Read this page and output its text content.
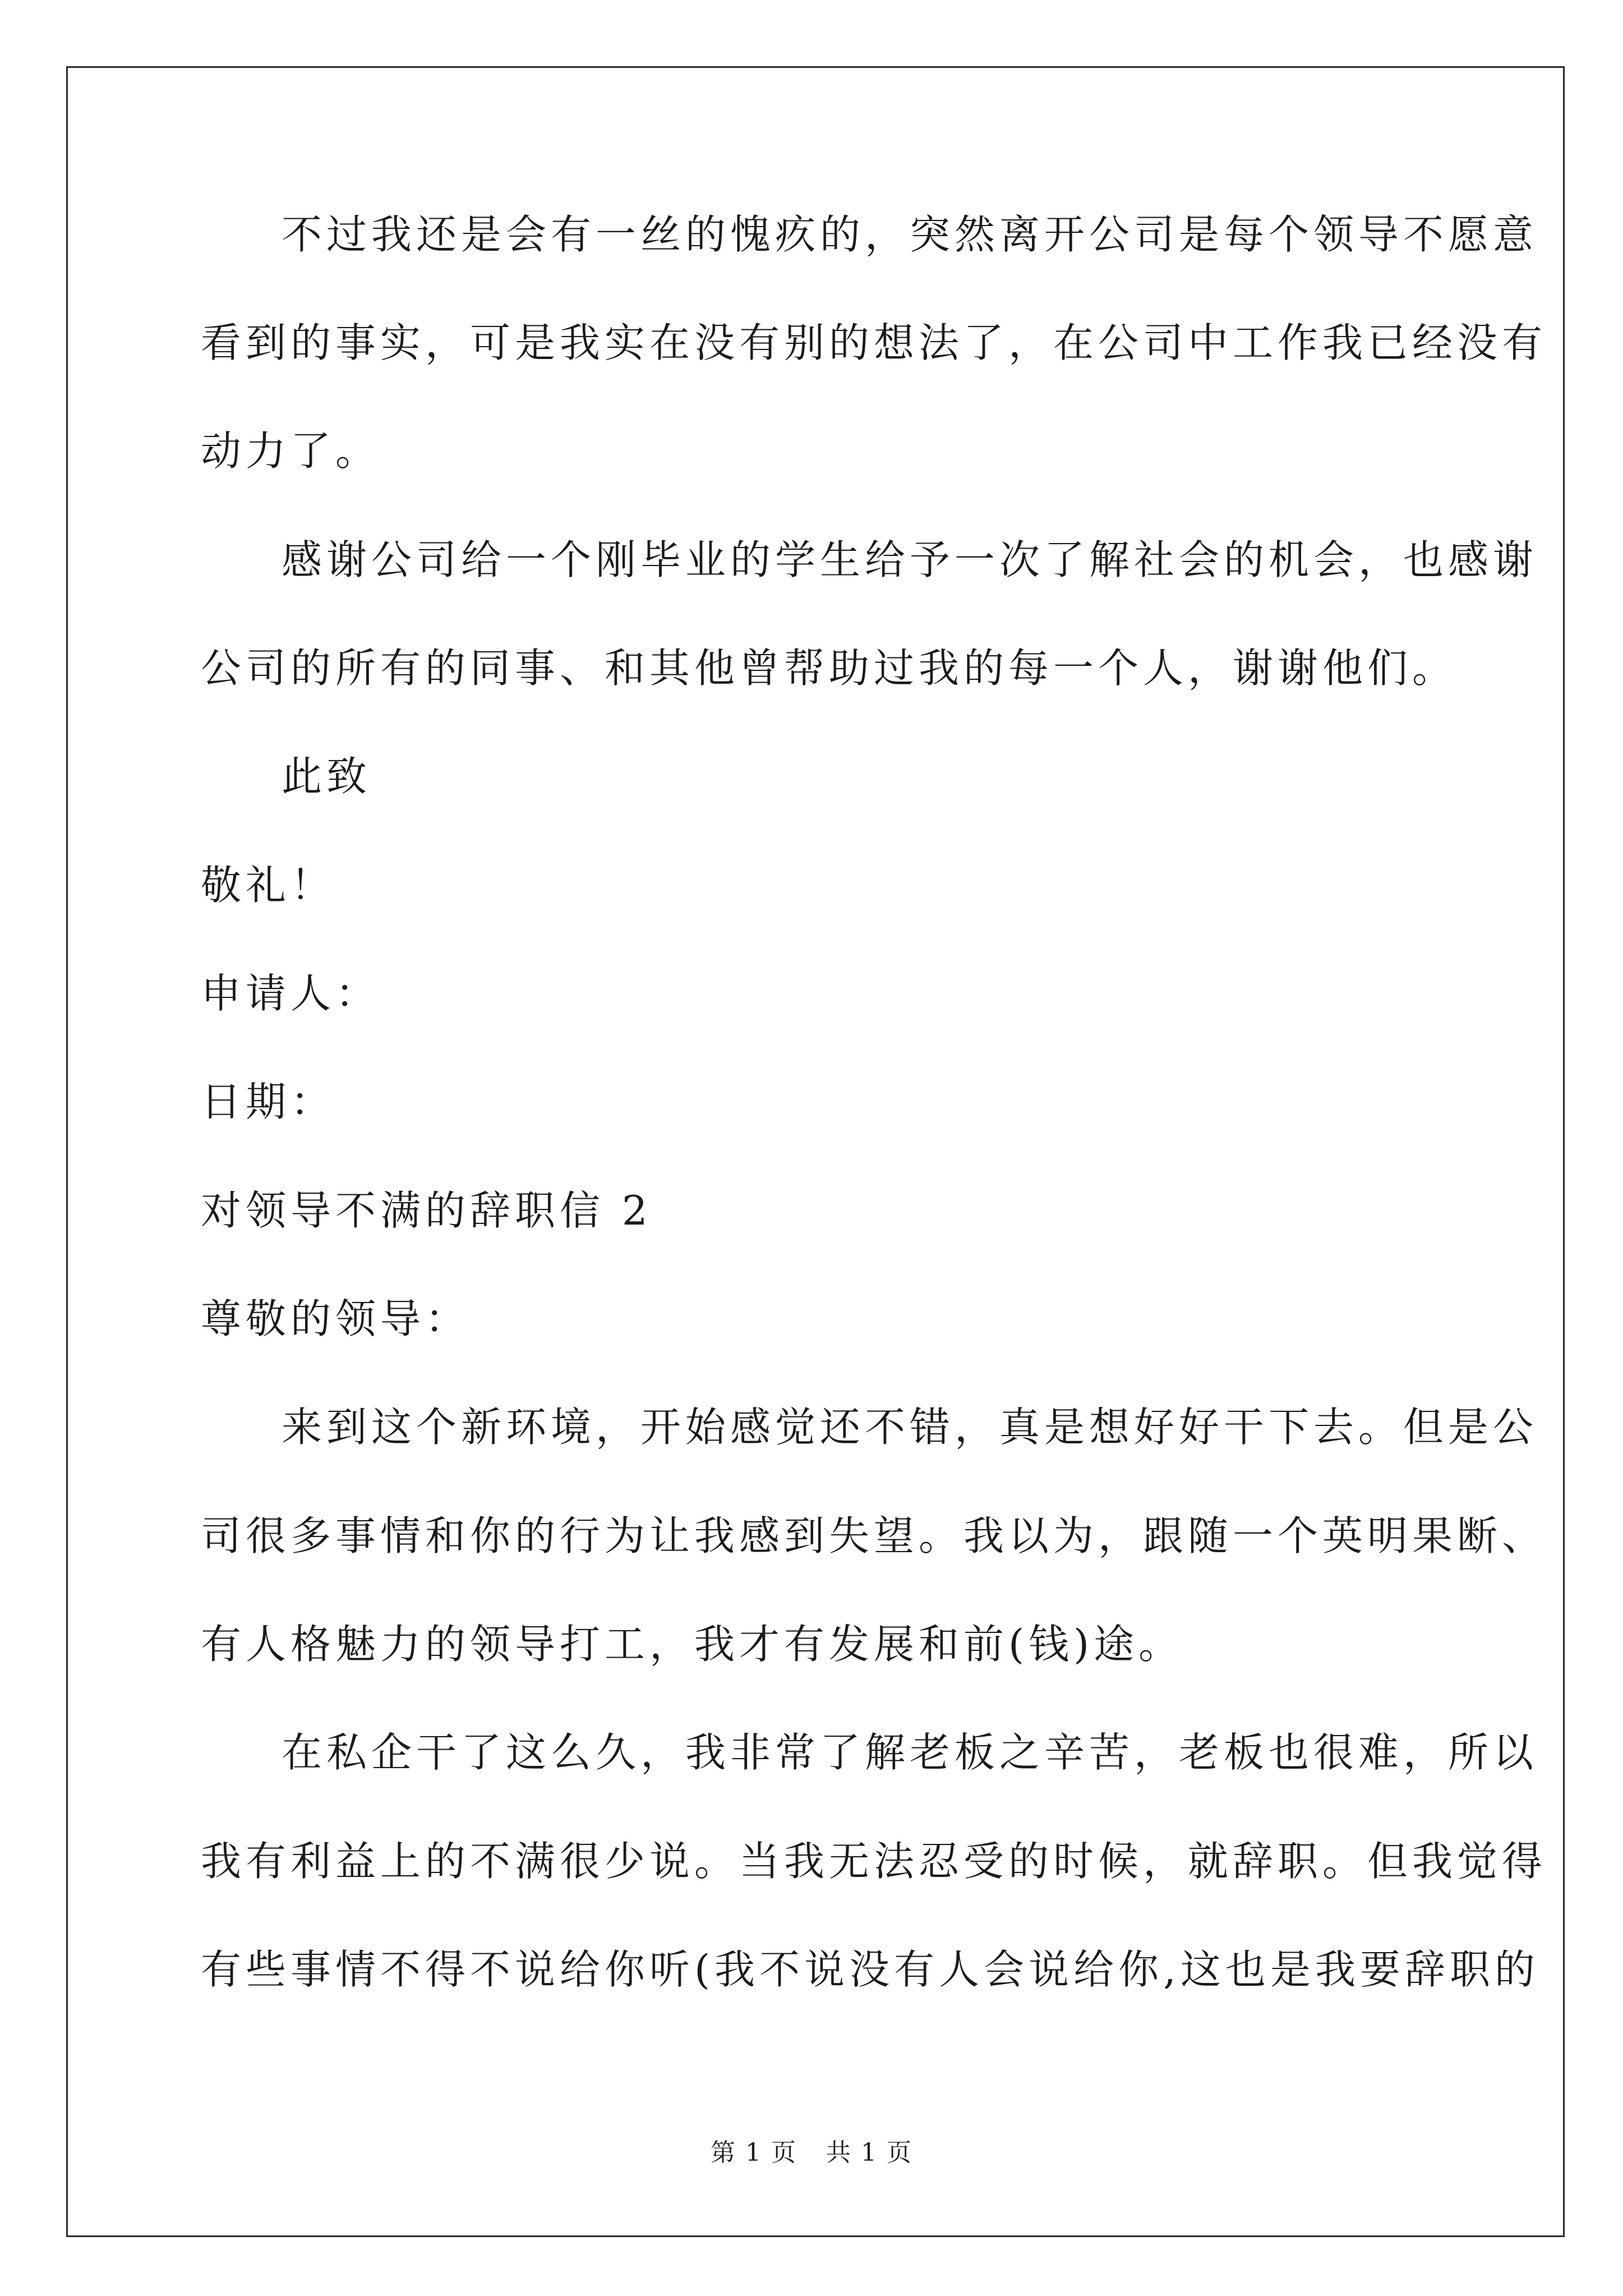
不过我还是会有一丝的愧疚的，突然离开公司是每个领导不愿意
看到的事实，可是我实在没有别的想法了，在公司中工作我已经没有
动力了。
感谢公司给一个刚毕业的学生给予一次了解社会的机会，也感谢
公司的所有的同事、和其他曾帮助过我的每一个人，谢谢他们。
此致
敬礼！
申请人：
日期：
对领导不满的辞职信 2
尊敬的领导：
来到这个新环境，开始感觉还不错，真是想好好干下去。但是公
司很多事情和你的行为让我感到失望。我以为，跟随一个英明果断、
有人格魅力的领导打工，我才有发展和前(钱)途。
在私企干了这么久，我非常了解老板之辛苦，老板也很难，所以
我有利益上的不满很少说。当我无法忍受的时候，就辞职。但我觉得
有些事情不得不说给你听(我不说没有人会说给你,这也是我要辞职的
第 1 页 共 1 页
